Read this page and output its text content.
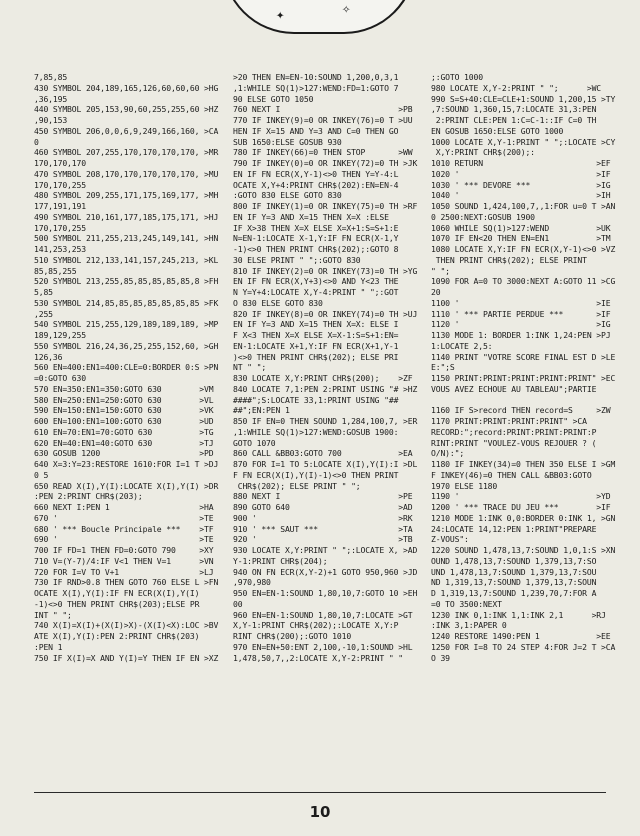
✦	✧
7,85,85
430 SYMBOL 204,189,165,126,60,60,60 >HG
,36,195
440 SYMBOL 205,153,90,60,255,255,60 >HZ
,90,153
450 SYMBOL 206,0,0,6,9,249,166,160, >CA
0
460 SYMBOL 207,255,170,170,170,170, >MR
170,170,170
470 SYMBOL 208,170,170,170,170,170, >MU
170,170,255
480 SYMBOL 209,255,171,175,169,177, >MH
177,191,191
490 SYMBOL 210,161,177,185,175,171, >HJ
170,170,255
500 SYMBOL 211,255,213,245,149,141, >HN
141,253,253
510 SYMBOL 212,133,141,157,245,213, >KL
85,85,255
520 SYMBOL 213,255,85,85,85,85,85,8 >FH
5,85
530 SYMBOL 214,85,85,85,85,85,85,85 >FK
,255
540 SYMBOL 215,255,129,189,189,189, >MP
189,129,255
550 SYMBOL 216,24,36,25,255,152,60, >GH
126,36
560 EN=400:EN1=400:CLE=0:BORDER 0:S >PN
=0:GOTO 630
570 EN=350:EN1=350:GOTO 630        >VM
580 EN=250:EN1=250:GOTO 630        >VL
590 EN=150:EN1=150:GOTO 630        >VK
600 EN=100:EN1=100:GOTO 630        >UD
610 EN=70:EN1=70:GOTO 630          >TG
620 EN=40:EN1=40:GOTO 630          >TJ
630 GOSUB 1200                     >PD
640 X=3:Y=23:RESTORE 1610:FOR I=1 T >DJ
0 5
650 READ X(I),Y(I):LOCATE X(I),Y(I) >DR
:PEN 2:PRINT CHR$(203);
660 NEXT I:PEN 1                   >HA
670 '                              >TE
680 ' *** Boucle Principale ***    >TF
690 '                              >TE
700 IF FD=1 THEN FD=0:GOTO 790     >XY
710 V=(Y-7)/4:IF V<1 THEN V=1      >VN
720 FOR I=V TO V+1                 >LJ
730 IF RND>0.8 THEN GOTO 760 ELSE L >FN
OCATE X(I),Y(I):IF FN ECR(X(I),Y(I)
-1)<>0 THEN PRINT CHR$(203);ELSE PR
INT " ";
740 X(I)=X(I)+(X(I)>X)-(X(I)<X):LOC >BV
ATE X(I),Y(I):PEN 2:PRINT CHR$(203)
:PEN 1
750 IF X(I)=X AND Y(I)=Y THEN IF EN >XZ
>20 THEN EN=EN-10:SOUND 1,200,0,3,1
,1:WHILE SQ(1)>127:WEND:FD=1:GOTO 7
90 ELSE GOTO 1050
760 NEXT I                         >PB
770 IF INKEY(9)=0 OR INKEY(76)=0 T >UU
HEN IF X=15 AND Y=3 AND C=0 THEN GO
SUB 1650:ELSE GOSUB 930
780 IF INKEY(66)=0 THEN STOP       >WW
790 IF INKEY(0)=0 OR INKEY(72)=0 TH >JK
EN IF FN ECR(X,Y-1)<>0 THEN Y=Y-4:L
OCATE X,Y+4:PRINT CHR$(202):EN=EN-4
:GOTO 830 ELSE GOTO 830
800 IF INKEY(1)=0 OR INKEY(75)=0 TH >RF
EN IF Y=3 AND X=15 THEN X=X :ELSE
IF X>38 THEN X=X ELSE X=X+1:S=S+1:E
N=EN-1:LOCATE X-1,Y:IF FN ECR(X-1,Y
-1)<>0 THEN PRINT CHR$(202);:GOTO 8
30 ELSE PRINT " ";:GOTO 830
810 IF INKEY(2)=0 OR INKEY(73)=0 TH >YG
EN IF FN ECR(X,Y+3)<>0 AND Y<23 THE
N Y=Y+4:LOCATE X,Y-4:PRINT " ";:GOT
O 830 ELSE GOTO 830
820 IF INKEY(8)=0 OR INKEY(74)=0 TH >UJ
EN IF Y=3 AND X=15 THEN X=X: ELSE I
F X<3 THEN X=X ELSE X=X-1:S=S+1:EN=
EN-1:LOCATE X+1,Y:IF FN ECR(X+1,Y-1
)<>0 THEN PRINT CHR$(202); ELSE PRI
NT " ";
830 LOCATE X,Y:PRINT CHR$(200);    >ZF
840 LOCATE 7,1:PEN 2:PRINT USING "# >HZ
####";S:LOCATE 33,1:PRINT USING "##
##";EN:PEN 1
850 IF EN=0 THEN SOUND 1,284,100,7, >ER
,1:WHILE SQ(1)>127:WEND:GOSUB 1900:
GOTO 1070
860 CALL &BB03:GOTO 700            >EA
870 FOR I=1 TO 5:LOCATE X(I),Y(I):I >DL
F FN ECR(X(I),Y(I)-1)<>0 THEN PRINT
CHR$(202); ELSE PRINT " ";
880 NEXT I                         >PE
890 GOTO 640                       >AD
900 '                              >RK
910 ' *** SAUT ***                 >TA
920 '                              >TB
930 LOCATE X,Y:PRINT " ";:LOCATE X, >AD
Y-1:PRINT CHR$(204);
940 ON FN ECR(X,Y-2)+1 GOTO 950,960 >JD
,970,980
950 EN=EN-1:SOUND 1,80,10,7:GOTO 10 >EH
00
960 EN=EN-1:SOUND 1,80,10,7:LOCATE >GT
X,Y-1:PRINT CHR$(202);:LOCATE X,Y:P
RINT CHR$(200);:GOTO 1010
970 EN=EN+50:ENT 2,100,-10,1:SOUND >HL
1,478,50,7,,2:LOCATE X,Y-2:PRINT " "
;:GOTO 1000
980 LOCATE X,Y-2:PRINT " ";      >WC
990 S=S+40:CLE=CLE+1:SOUND 1,200,15 >TY
,7:SOUND 1,360,15,7:LOCATE 31,3:PEN
2:PRINT CLE:PEN 1:C=C-1::IF C=0 TH
EN GOSUB 1650:ELSE GOTO 1000
1000 LOCATE X,Y-1:PRINT " ";:LOCATE >CY
X,Y:PRINT CHR$(200);:
1010 RETURN                        >EF
1020 '                             >IF
1030 ' *** DEVORE ***              >IG
1040 '                             >IH
1050 SOUND 1,424,100,7,,1:FOR u=0 T >AN
0 2500:NEXT:GOSUB 1900
1060 WHILE SQ(1)>127:WEND          >UK
1070 IF EN<20 THEN EN=EN1          >TM
1080 LOCATE X,Y:IF FN ECR(X,Y-1)<>0 >VZ
THEN PRINT CHR$(202); ELSE PRINT
" ";
1090 FOR A=0 TO 3000:NEXT A:GOTO 11 >CG
20
1100 '                             >IE
1110 ' *** PARTIE PERDUE ***       >IF
1120 '                             >IG
1130 MODE 1: BORDER 1:INK 1,24:PEN >PJ
1:LOCATE 2,5:
1140 PRINT "VOTRE SCORE FINAL EST D >LE
E:";S
1150 PRINT:PRINT:PRINT:PRINT:PRINT" >EC
VOUS AVEZ ECHOUE AU TABLEAU";PARTIE
1160 IF S>record THEN record=S     >ZW
1170 PRINT:PRINT:PRINT:PRINT" >CA
RECORD:";record:PRINT:PRINT:PRINT:P
RINT:PRINT "VOULEZ-VOUS REJOUER ? (
O/N):";
1180 IF INKEY(34)=0 THEN 350 ELSE I >GM
F INKEY(46)=0 THEN CALL &BB03:GOTO
1970 ELSE 1180
1190 '                             >YD
1200 ' *** TRACE DU JEU ***        >IF
1210 MODE 1:INK 0,0:BORDER 0:INK 1, >GN
24:LOCATE 14,12:PEN 1:PRINT"PREPARE
Z-VOUS":
1220 SOUND 1,478,13,7:SOUND 1,0,1:S >XN
OUND 1,478,13,7:SOUND 1,379,13,7:SO
UND 1,478,13,7:SOUND 1,379,13,7:SOU
ND 1,319,13,7:SOUND 1,379,13,7:SOUN
D 1,319,13,7:SOUND 1,239,70,7:FOR A
=0 TO 3500:NEXT
1230 INK 0,1:INK 1,1:INK 2,1      >RJ
:INK 3,1:PAPER 0
1240 RESTORE 1490:PEN 1            >EE
1250 FOR I=8 TO 24 STEP 4:FOR J=2 T >CA
O 39
10
